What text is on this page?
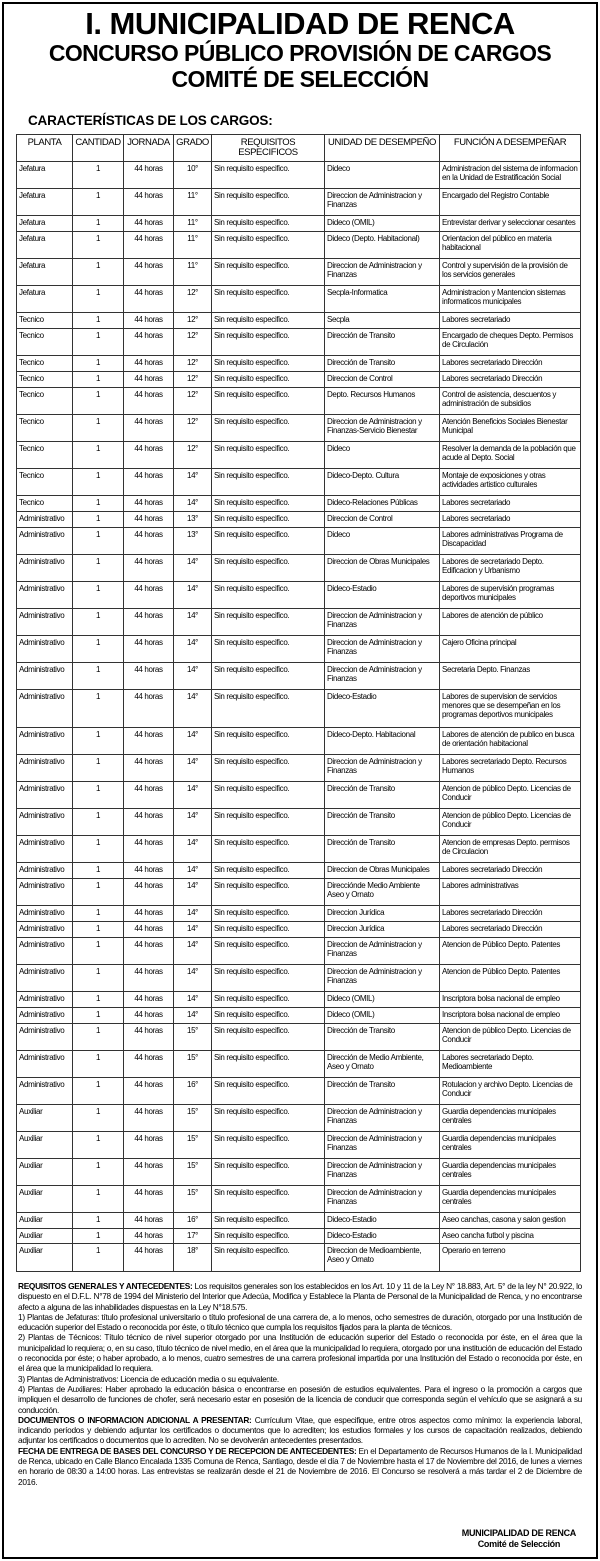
I. MUNICIPALIDAD DE RENCA
CONCURSO PÚBLICO PROVISIÓN DE CARGOS
COMITÉ DE SELECCIÓN
CARACTERÍSTICAS DE LOS CARGOS:
PLANTA	CANTIDAD	JORNADA	GRADO	REQUISITOS ESPECIFICOS	UNIDAD DE DESEMPEÑO	FUNCIÓN A DESEMPEÑAR
Jefatura	1	44 horas	10°	Sin requisito especifico.	Dideco	Administracion del sistema de informacion en la Unidad de Estratificación Social
Jefatura	1	44 horas	11°	Sin requisito especifico.	Direccion de Administracion y Finanzas	Encargado del Registro Contable
Jefatura	1	44 horas	11°	Sin requisito especifico.	Dideco (OMIL)	Entrevistar derivar y seleccionar cesantes
Jefatura	1	44 horas	11°	Sin requisito especifico.	Dideco (Depto. Habitacional)	Orientacion del público en materia habitacional
Jefatura	1	44 horas	11°	Sin requisito especifico.	Direccion de Administracion y Finanzas	Control y supervisión de la provisión de los servicios generales
Jefatura	1	44 horas	12°	Sin requisito especifico.	Secpla-Informatica	Administracion y Mantencion sistemas informaticos municipales
Tecnico	1	44 horas	12°	Sin requisito especifico.	Secpla	Labores secretariado
Tecnico	1	44 horas	12°	Sin requisito especifico.	Dirección de Transito	Encargado de cheques Depto. Permisos de Circulación
Tecnico	1	44 horas	12°	Sin requisito especifico.	Dirección de Transito	Labores secretariado Dirección
Tecnico	1	44 horas	12°	Sin requisito especifico.	Direccion de Control	Labores secretariado Dirección
Tecnico	1	44 horas	12°	Sin requisito especifico.	Depto. Recursos Humanos	Control de asistencia, descuentos y administración de subsidios
Tecnico	1	44 horas	12°	Sin requisito especifico.	Direccion de Administracion y Finanzas-Servicio Bienestar	Atención Beneficios Sociales Bienestar Municipal
Tecnico	1	44 horas	12°	Sin requisito especifico.	Dideco	Resolver la demanda de la población que acude al Depto. Social
Tecnico	1	44 horas	14°	Sin requisito especifico.	Dideco-Depto. Cultura	Montaje de exposiciones y otras actividades artistico culturales
Tecnico	1	44 horas	14°	Sin requisito especifico.	Dideco-Relaciones Públicas	Labores secretariado
Administrativo	1	44 horas	13°	Sin requisito especifico.	Direccion de Control	Labores secretariado
Administrativo	1	44 horas	13°	Sin requisito especifico.	Dideco	Labores administrativas Programa de Discapacidad
Administrativo	1	44 horas	14°	Sin requisito especifico.	Direccion de Obras Municipales	Labores de secretariado Depto. Edificacion y Urbanismo
Administrativo	1	44 horas	14°	Sin requisito especifico.	Dideco-Estadio	Labores de supervisión programas deportivos municipales
Administrativo	1	44 horas	14°	Sin requisito especifico.	Direccion de Administracion y Finanzas	Labores de atención de público
Administrativo	1	44 horas	14°	Sin requisito especifico.	Direccion de Administracion y Finanzas	Cajero Oficina principal
Administrativo	1	44 horas	14°	Sin requisito especifico.	Direccion de Administracion y Finanzas	Secretaria Depto. Finanzas
Administrativo	1	44 horas	14°	Sin requisito especifico.	Dideco-Estadio	Labores de supervision de servicios menores que se desempeñan en los programas deportivos municipales
Administrativo	1	44 horas	14°	Sin requisito especifico.	Dideco-Depto. Habitacional	Labores de atención de publico en busca de orientación habitacional
Administrativo	1	44 horas	14°	Sin requisito especifico.	Direccion de Administracion y Finanzas	Labores secretariado Depto. Recursos Humanos
Administrativo	1	44 horas	14°	Sin requisito especifico.	Dirección de Transito	Atencion de público Depto. Licencias de Conducir
Administrativo	1	44 horas	14°	Sin requisito especifico.	Dirección de Transito	Atencion de público Depto. Licencias de Conducir
Administrativo	1	44 horas	14°	Sin requisito especifico.	Dirección de Transito	Atencion de empresas Depto. permisos de Circulacion
Administrativo	1	44 horas	14°	Sin requisito especifico.	Direccion de Obras Municipales	Labores secretariado Dirección
Administrativo	1	44 horas	14°	Sin requisito especifico.	Direcciónde Medio Ambiente Aseo y Ornato	Labores administrativas
Administrativo	1	44 horas	14°	Sin requisito especifico.	Direccion Jurídica	Labores secretariado Dirección
Administrativo	1	44 horas	14°	Sin requisito especifico.	Direccion Jurídica	Labores secretariado Dirección
Administrativo	1	44 horas	14°	Sin requisito especifico.	Direccion de Administracion y Finanzas	Atencion de Público Depto. Patentes
Administrativo	1	44 horas	14°	Sin requisito especifico.	Direccion de Administracion y Finanzas	Atencion de Público Depto. Patentes
Administrativo	1	44 horas	14°	Sin requisito especifico.	Dideco (OMIL)	Inscriptora bolsa nacional de empleo
Administrativo	1	44 horas	14°	Sin requisito especifico.	Dideco (OMIL)	Inscriptora bolsa nacional de empleo
Administrativo	1	44 horas	15°	Sin requisito especifico.	Dirección de Transito	Atencion de público Depto. Licencias de Conducir
Administrativo	1	44 horas	15°	Sin requisito especifico.	Dirección de Medio Ambiente, Aseo y Ornato	Labores secretariado Depto. Medioambiente
Administrativo	1	44 horas	16°	Sin requisito especifico.	Dirección de Transito	Rotulacion y archivo Depto. Licencias de Conducir
Auxiliar	1	44 horas	15°	Sin requisito especifico.	Direccion de Administracion y Finanzas	Guardia dependencias municipales centrales
Auxiliar	1	44 horas	15°	Sin requisito especifico.	Direccion de Administracion y Finanzas	Guardia dependencias municipales centrales
Auxiliar	1	44 horas	15°	Sin requisito especifico.	Direccion de Administracion y Finanzas	Guardia dependencias municipales centrales
Auxiliar	1	44 horas	15°	Sin requisito especifico.	Direccion de Administracion y Finanzas	Guardia dependencias municipales centrales
Auxiliar	1	44 horas	16°	Sin requisito especifico.	Dideco-Estadio	Aseo canchas, casona y salon gestion
Auxiliar	1	44 horas	17°	Sin requisito especifico.	Dideco-Estadio	Aseo cancha futbol y piscina
Auxiliar	1	44 horas	18°	Sin requisito especifico.	Direccion de Medioambiente, Aseo y Ornato	Operario en terreno

REQUISITOS GENERALES Y ANTECEDENTES: Los requisitos generales son los establecidos en los Art. 10 y 11 de la Ley N° 18.883, Art. 5° de la ley N° 20.922, lo dispuesto en el D.F.L. N°78 de 1994 del Ministerio del Interior que Adecúa, Modifica y Establece la Planta de Personal de la Municipalidad de Renca, y no encontrarse afecto a alguna de las inhabilidades dispuestas en la Ley N°18.575.

1) Plantas de Jefaturas: título profesional universitario o título profesional de una carrera de, a lo menos, ocho semestres de duración, otorgado por una Institución de educación superior del Estado o reconocida por éste, o título técnico que cumpla los requisitos fijados para la planta de técnicos.

2) Plantas de Técnicos: Título técnico de nivel superior otorgado por una Institución de educación superior del Estado o reconocida por éste, en el área que la municipalidad lo requiera; o, en su caso, título técnico de nivel medio, en el área que la municipalidad lo requiera, otorgado por una institución de educación del Estado o reconocida por éste; o haber aprobado, a lo menos, cuatro semestres de una carrera profesional impartida por una Institución del Estado o reconocida por éste, en el área que la municipalidad lo requiera.

3) Plantas de Administrativos: Licencia de educación media o su equivalente.

4) Plantas de Auxiliares: Haber aprobado la educación básica o encontrarse en posesión de estudios equivalentes. Para el ingreso o la promoción a cargos que impliquen el desarrollo de funciones de chofer, será necesario estar en posesión de la licencia de conducir que corresponda según el vehículo que se asignará a su conducción.

DOCUMENTOS O INFORMACION ADICIONAL A PRESENTAR: Currículum Vitae, que especifique, entre otros aspectos como mínimo: la experiencia laboral, indicando períodos y debiendo adjuntar los certificados o documentos que lo acrediten; los estudios formales y los cursos de capacitación realizados, debiendo adjuntar los certificados o documentos que lo acrediten. No se devolverán antecedentes presentados.

FECHA DE ENTREGA DE BASES DEL CONCURSO Y DE RECEPCION DE ANTECEDENTES: En el Departamento de Recursos Humanos de la I. Municipalidad de Renca, ubicado en Calle Blanco Encalada 1335 Comuna de Renca, Santiago, desde el día 7 de Noviembre hasta el 17 de Noviembre del 2016, de lunes a viernes en horario de 08:30 a 14:00 horas. Las entrevistas se realizarán desde el 21 de Noviembre de 2016. El Concurso se resolverá a más tardar el 2 de Diciembre de 2016.

MUNICIPALIDAD DE RENCA
Comité de Selección
